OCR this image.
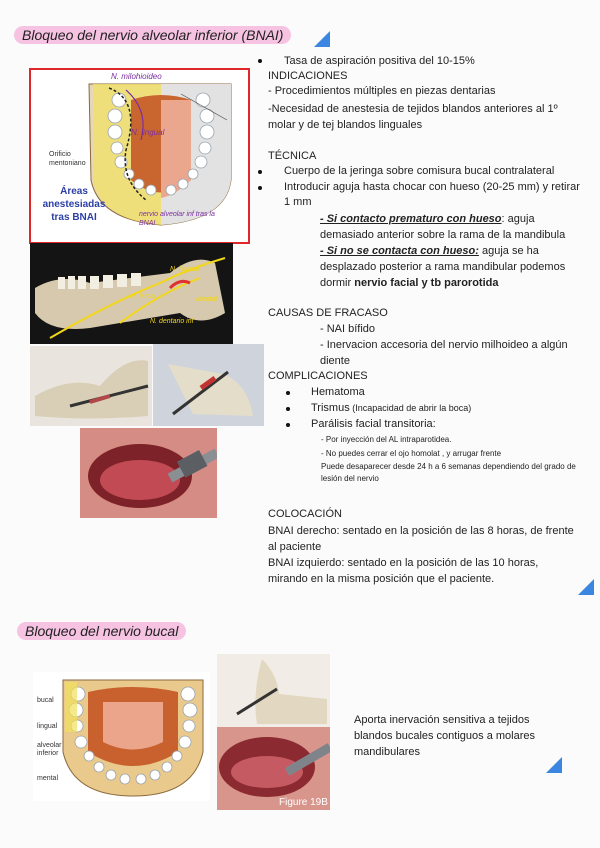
Bloqueo del nervio alveolar inferior (BNAI)
N. milohioideo
N. lingual
Orificio mentoniano
Áreas anestesiadas tras BNAI	nervio alveolar inf tras la BNAI
N. lingual
N. bucal
N. dentario inf
Mental
Tasa de aspiración positiva del 10-15%
INDICACIONES
- Procedimientos múltiples en piezas dentarias
-Necesidad de anestesia de tejidos blandos anteriores al 1º molar y de tej blandos linguales
TÉCNICA
Cuerpo de la jeringa sobre comisura bucal contralateral
Introducir aguja hasta chocar con hueso (20-25 mm) y retirar 1 mm
- Si contacto prematuro con hueso: aguja demasiado anterior sobre la rama de la mandibula
- Si no se contacta con hueso: aguja se ha desplazado posterior a rama mandibular podemos dormir nervio facial y tb parorotida
CAUSAS DE FRACASO
- NAI bífido
- Inervacion accesoria del nervio milhoideo a algún diente
COMPLICACIONES
Hematoma
Trismus (Incapacidad de abrir la boca)
Parálisis facial transitoria:
- Por inyección del AL intraparotidea.
- No puedes cerrar el ojo homolat , y arrugar frente
Puede desaparecer desde 24 h a 6 semanas dependiendo del grado de lesión del nervio
COLOCACIÓN
BNAI derecho: sentado en la posición de las 8 horas, de frente al paciente
BNAI izquierdo: sentado en la posición de las 10 horas, mirando en la misma posición que el paciente.
Bloqueo del nervio bucal
bucal
lingual
alveolar inferior
mental
Figure 19B
Aporta inervación sensitiva a tejidos blandos bucales contiguos a molares mandibulares
